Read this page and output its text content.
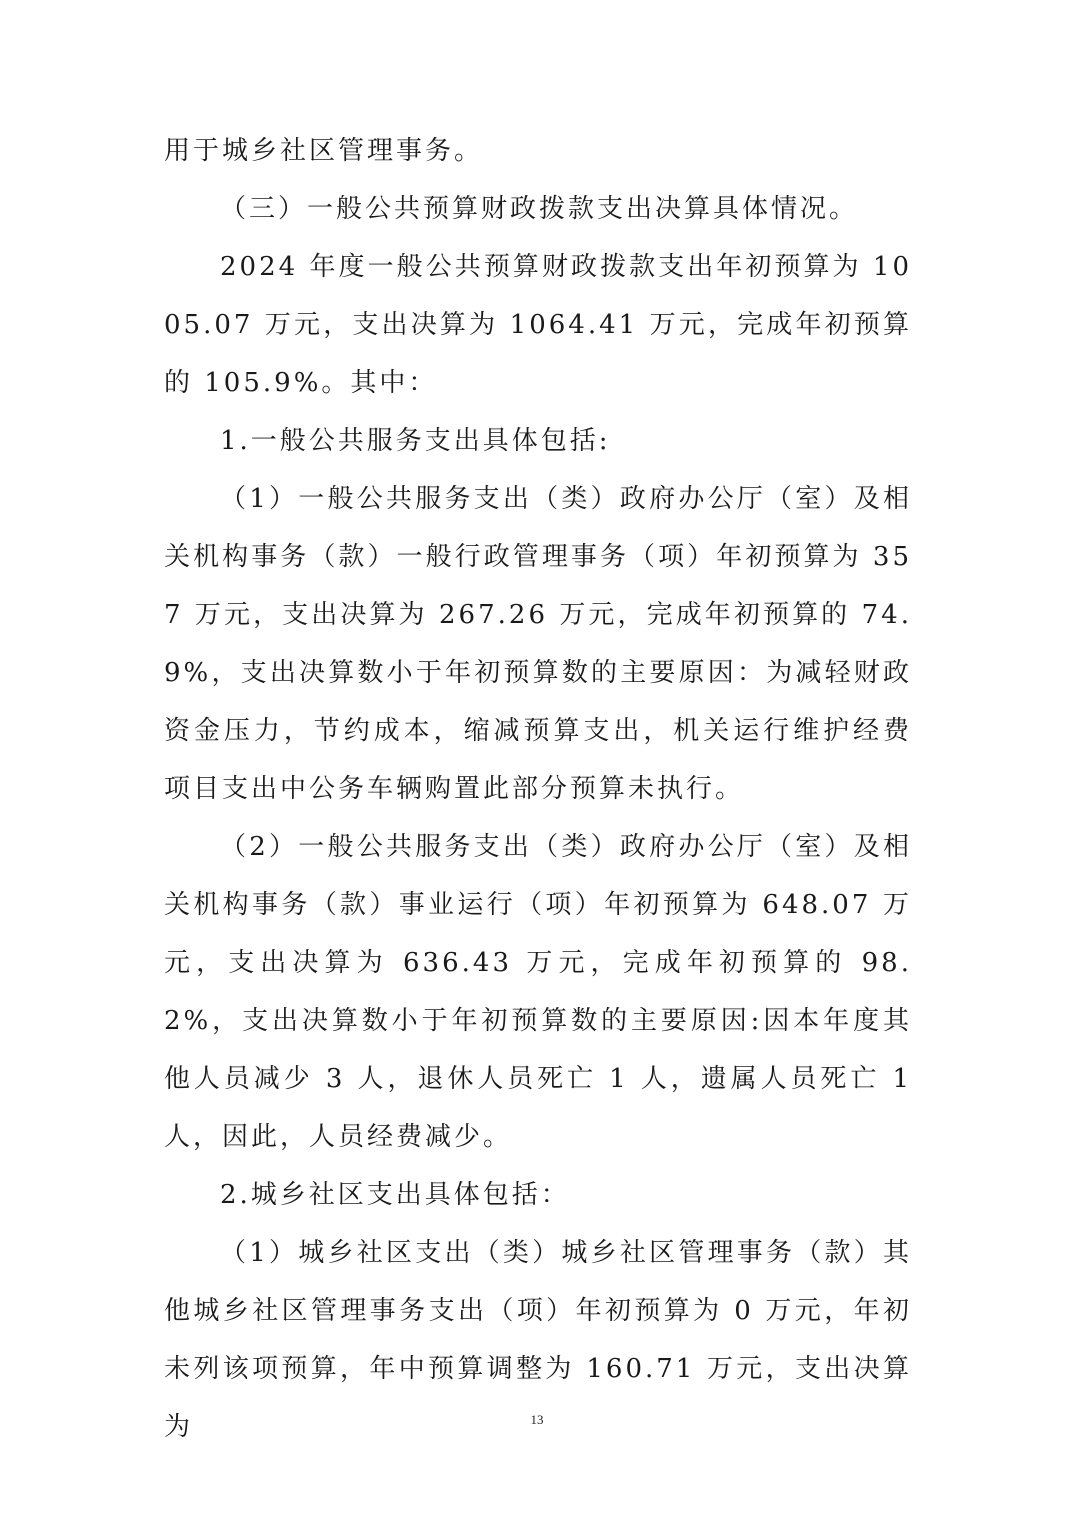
用于城乡社区管理事务。

（三）一般公共预算财政拨款支出决算具体情况。

2024 年度一般公共预算财政拨款支出年初预算为 1005.07 万元，支出决算为 1064.41 万元，完成年初预算的 105.9%。其中：

1.一般公共服务支出具体包括:

（1）一般公共服务支出（类）政府办公厅（室）及相关机构事务（款）一般行政管理事务（项）年初预算为 357 万元，支出决算为 267.26 万元，完成年初预算的 74.9%，支出决算数小于年初预算数的主要原因：为减轻财政资金压力，节约成本，缩减预算支出，机关运行维护经费项目支出中公务车辆购置此部分预算未执行。

（2）一般公共服务支出（类）政府办公厅（室）及相关机构事务（款）事业运行（项）年初预算为 648.07 万元，支出决算为 636.43 万元，完成年初预算的 98.2%，支出决算数小于年初预算数的主要原因:因本年度其他人员减少 3 人，退休人员死亡 1 人，遗属人员死亡 1 人，因此，人员经费减少。

2.城乡社区支出具体包括：

（1）城乡社区支出（类）城乡社区管理事务（款）其他城乡社区管理事务支出（项）年初预算为 0 万元，年初未列该项预算，年中预算调整为 160.71 万元，支出决算为	13
